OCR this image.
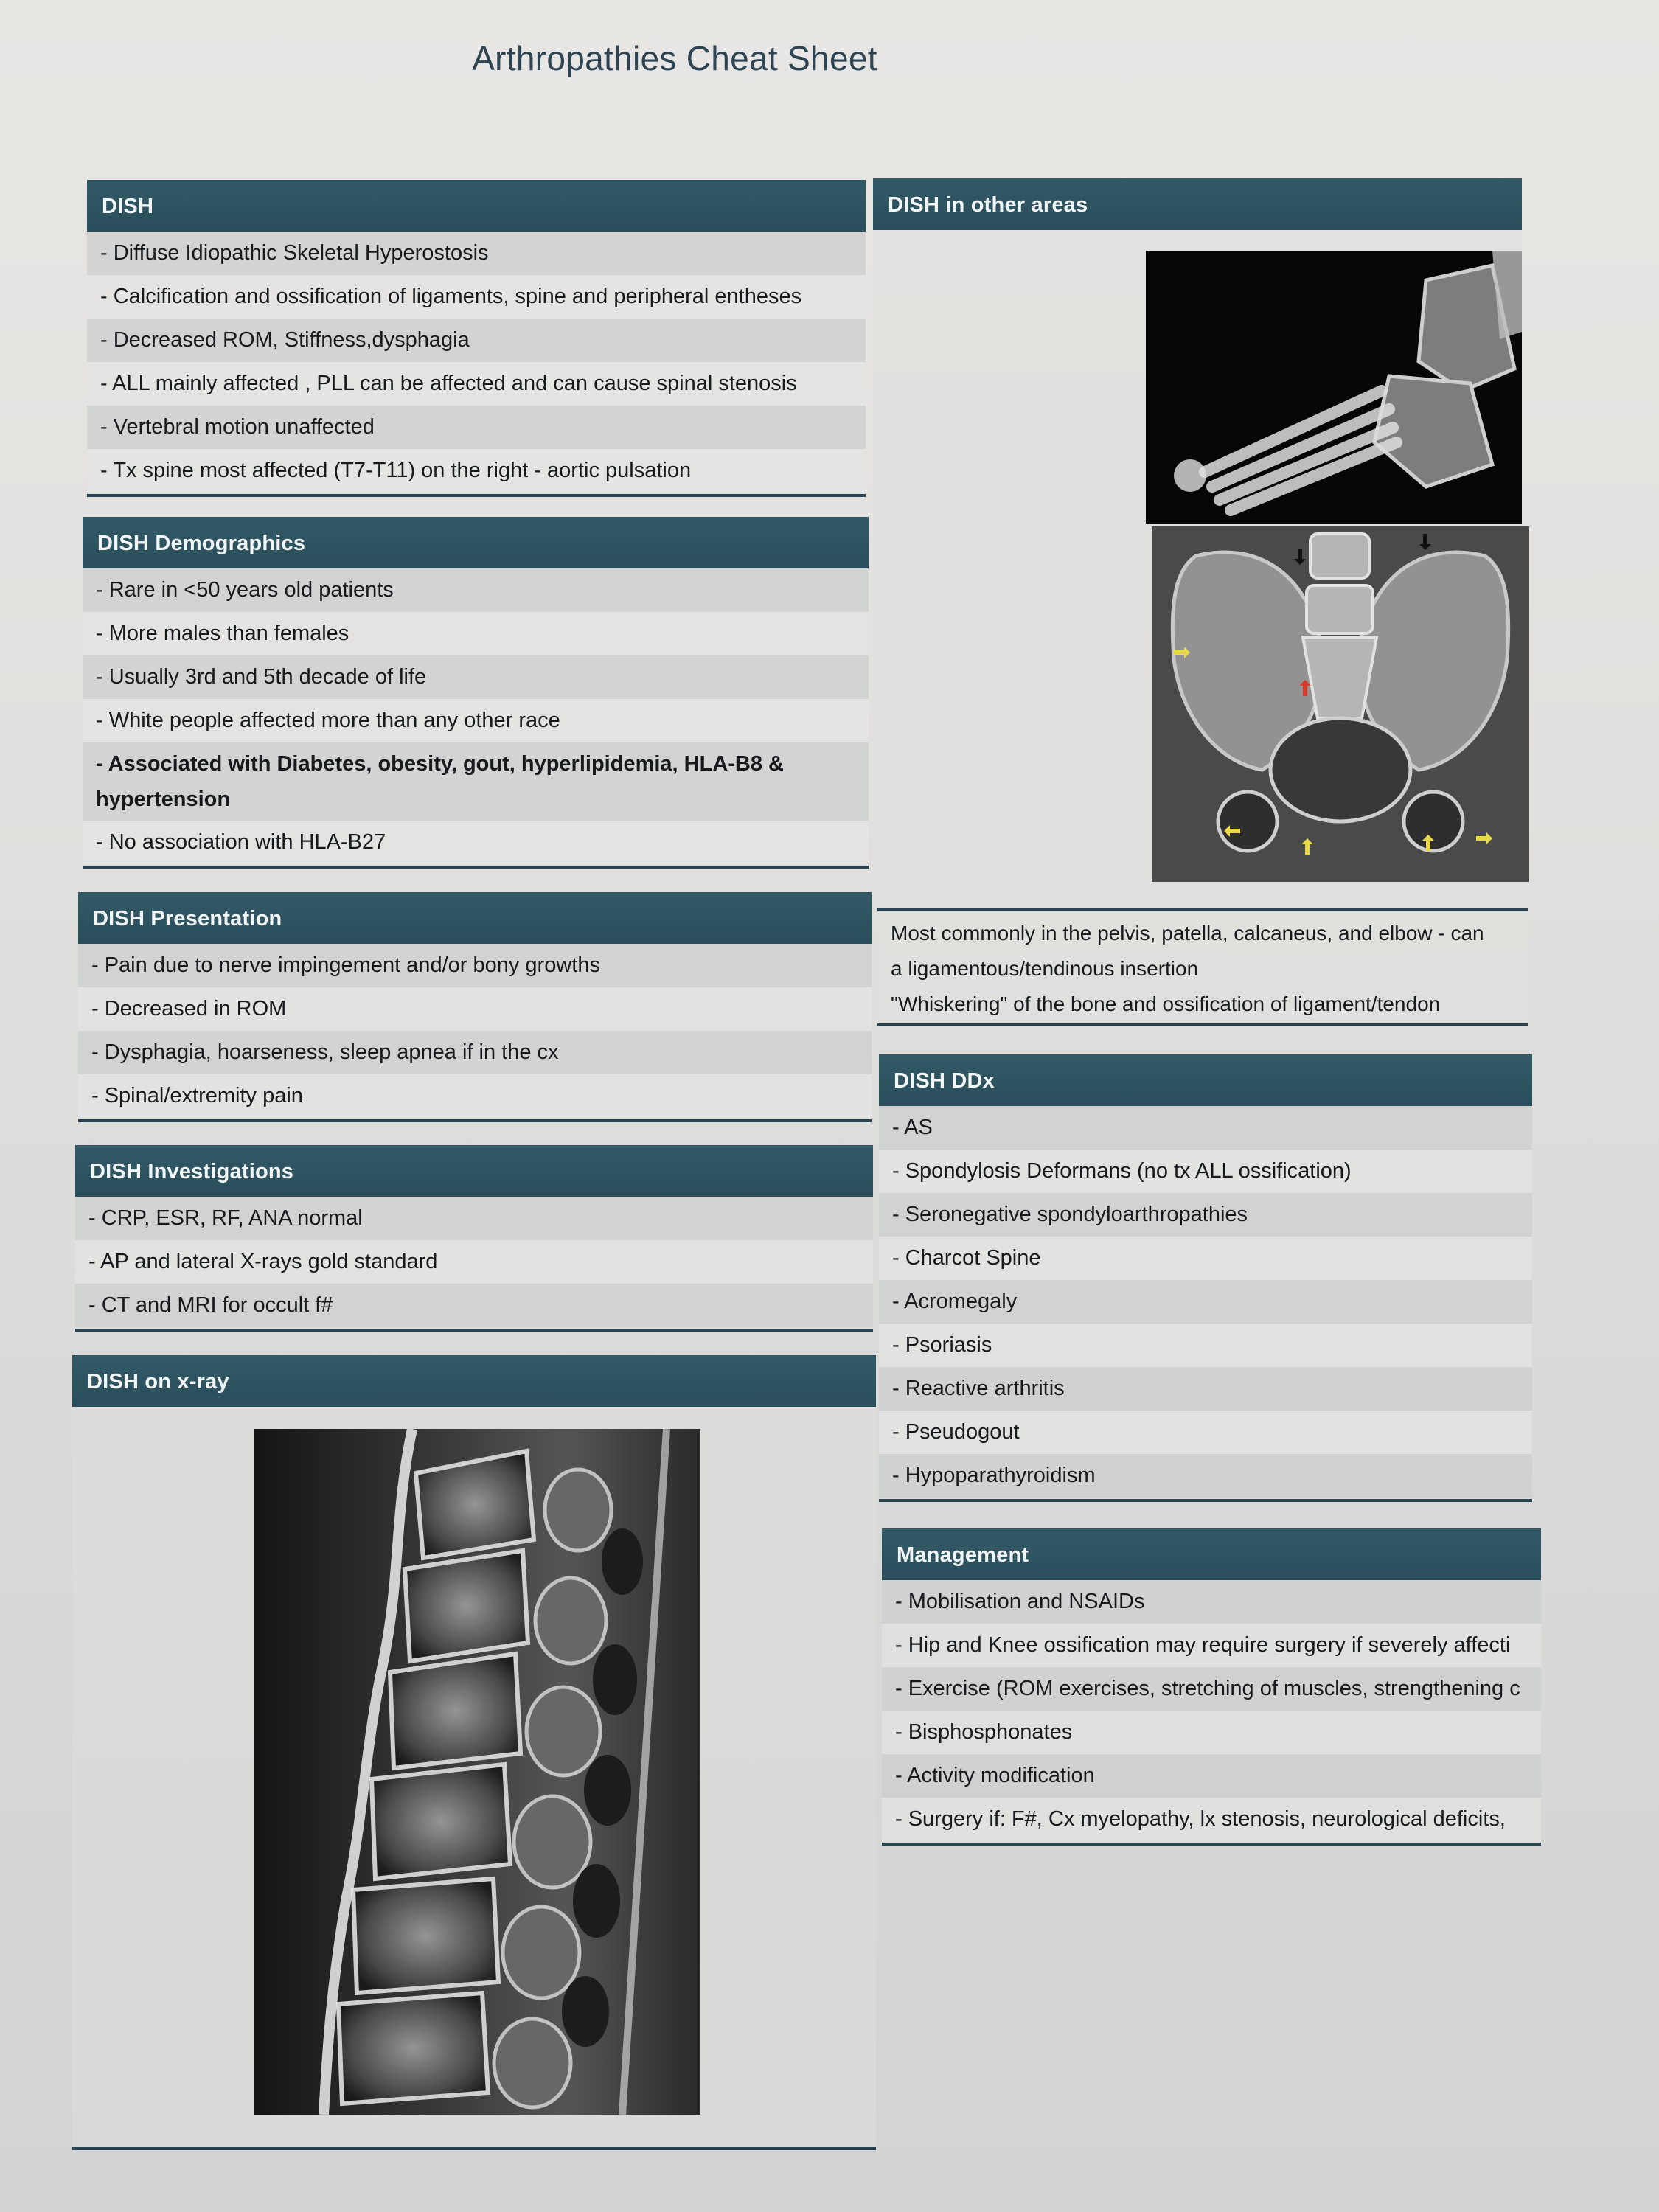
Arthropathies Cheat Sheet
DISH
- Diffuse Idiopathic Skeletal Hyperostosis
- Calcification and ossification of ligaments, spine and peripheral entheses
- Decreased ROM, Stiffness,dysphagia
- ALL mainly affected , PLL can be affected and can cause spinal stenosis
- Vertebral motion unaffected
- Tx spine most affected (T7-T11) on the right - aortic pulsation
DISH Demographics
- Rare in <50 years old patients
- More males than females
- Usually 3rd and 5th decade of life
- White people affected more than any other race
- Associated with Diabetes, obesity, gout, hyperlipidemia, HLA-B8 & hypertension
- No association with HLA-B27
DISH Presentation
- Pain due to nerve impingement and/or bony growths
- Decreased in ROM
- Dysphagia, hoarseness, sleep apnea if in the cx
- Spinal/extremity pain
DISH Investigations
- CRP, ESR, RF, ANA normal
- AP and lateral X-rays gold standard
- CT and MRI for occult f#
DISH on x-ray
DISH in other areas
Most commonly in the pelvis, patella, calcaneus, and elbow - can
a ligamentous/tendinous insertion
"Whiskering" of the bone and ossification of ligament/tendon
DISH DDx
- AS
- Spondylosis Deformans (no tx ALL ossification)
- Seronegative spondyloarthropathies
- Charcot Spine
- Acromegaly
- Psoriasis
- Reactive arthritis
- Pseudogout
- Hypoparathyroidism
Management
- Mobilisation and NSAIDs
- Hip and Knee ossification may require surgery if severely affecti
- Exercise (ROM exercises, stretching of muscles, strengthening c
- Bisphosphonates
- Activity modification
- Surgery if: F#, Cx myelopathy, lx stenosis, neurological deficits,
